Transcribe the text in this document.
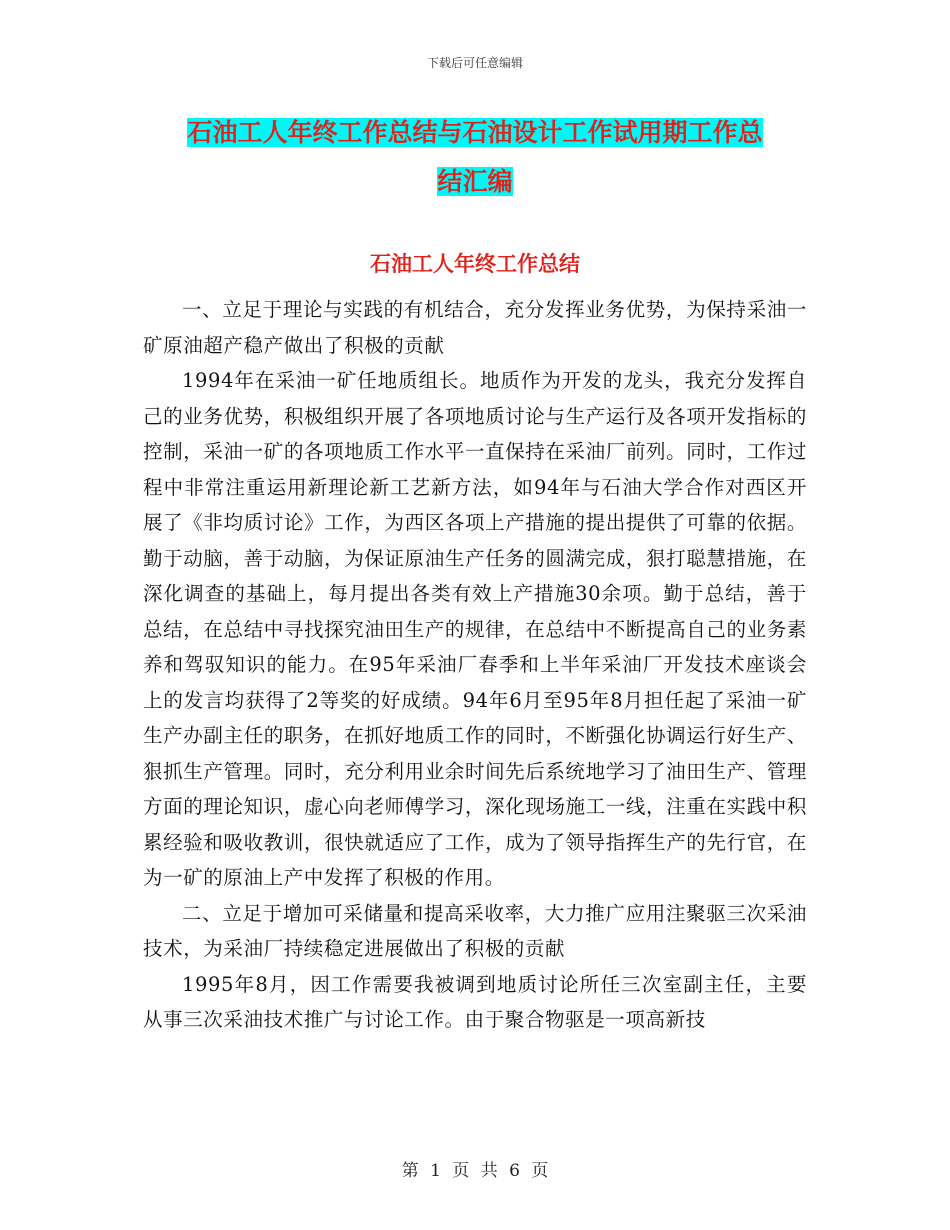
下载后可任意编辑
石油工人年终工作总结与石油设计工作试用期工作总
结汇编
石油工人年终工作总结

一、立足于理论与实践的有机结合，充分发挥业务优势，为保持采油一矿原油超产稳产做出了积极的贡献

1994年在采油一矿任地质组长。地质作为开发的龙头，我充分发挥自己的业务优势，积极组织开展了各项地质讨论与生产运行及各项开发指标的控制，采油一矿的各项地质工作水平一直保持在采油厂前列。同时，工作过程中非常注重运用新理论新工艺新方法，如94年与石油大学合作对西区开展了《非均质讨论》工作，为西区各项上产措施的提出提供了可靠的依据。勤于动脑，善于动脑，为保证原油生产任务的圆满完成，狠打聪慧措施，在深化调查的基础上，每月提出各类有效上产措施30余项。勤于总结，善于总结，在总结中寻找探究油田生产的规律，在总结中不断提高自己的业务素养和驾驭知识的能力。在95年采油厂春季和上半年采油厂开发技术座谈会上的发言均获得了2等奖的好成绩。94年6月至95年8月担任起了采油一矿生产办副主任的职务，在抓好地质工作的同时，不断强化协调运行好生产、狠抓生产管理。同时，充分利用业余时间先后系统地学习了油田生产、管理方面的理论知识，虚心向老师傅学习，深化现场施工一线，注重在实践中积累经验和吸收教训，很快就适应了工作，成为了领导指挥生产的先行官，在为一矿的原油上产中发挥了积极的作用。

二、立足于增加可采储量和提高采收率，大力推广应用注聚驱三次采油技术，为采油厂持续稳定进展做出了积极的贡献

1995年8月，因工作需要我被调到地质讨论所任三次室副主任，主要从事三次采油技术推广与讨论工作。由于聚合物驱是一项高新技

第 1 页 共 6 页
